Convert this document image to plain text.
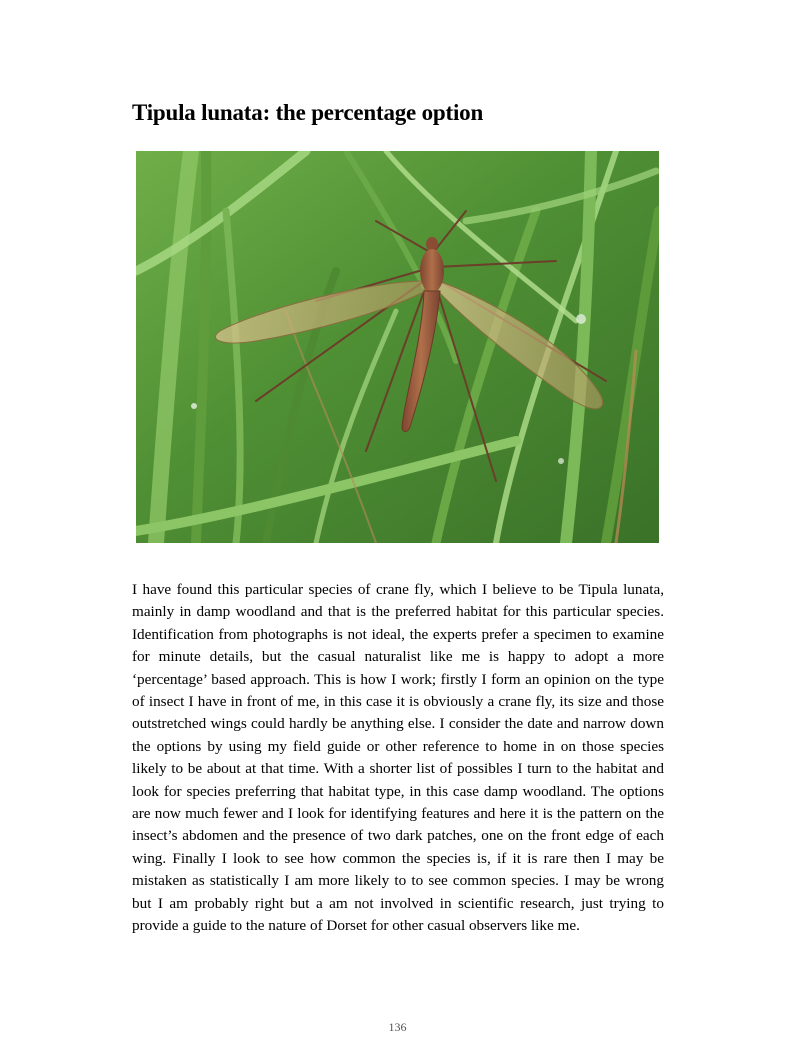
Tipula lunata: the percentage option

I have found this particular species of crane fly, which I believe to be Tipula lunata, mainly in damp woodland and that is the preferred habitat for this particular species. Identification from photographs is not ideal, the experts prefer a specimen to examine for minute details, but the casual naturalist like me is happy to adopt a more ‘percentage’ based approach. This is how I work; firstly I form an opinion on the type of insect I have in front of me, in this case it is obviously a crane fly, its size and those outstretched wings could hardly be anything else. I consider the date and narrow down the options by using my field guide or other reference to home in on those species likely to be about at that time. With a shorter list of possibles I turn to the habitat and look for species preferring that habitat type, in this case damp woodland. The options are now much fewer and I look for identifying features and here it is the pattern on the insect’s abdomen and the presence of two dark patches, one on the front edge of each wing. Finally I look to see how common the species is, if it is rare then I may be mistaken as statistically I am more likely to to see common species. I may be wrong but I am probably right but a am not involved in scientific research, just trying to provide a guide to the nature of Dorset for other casual observers like me.

136
